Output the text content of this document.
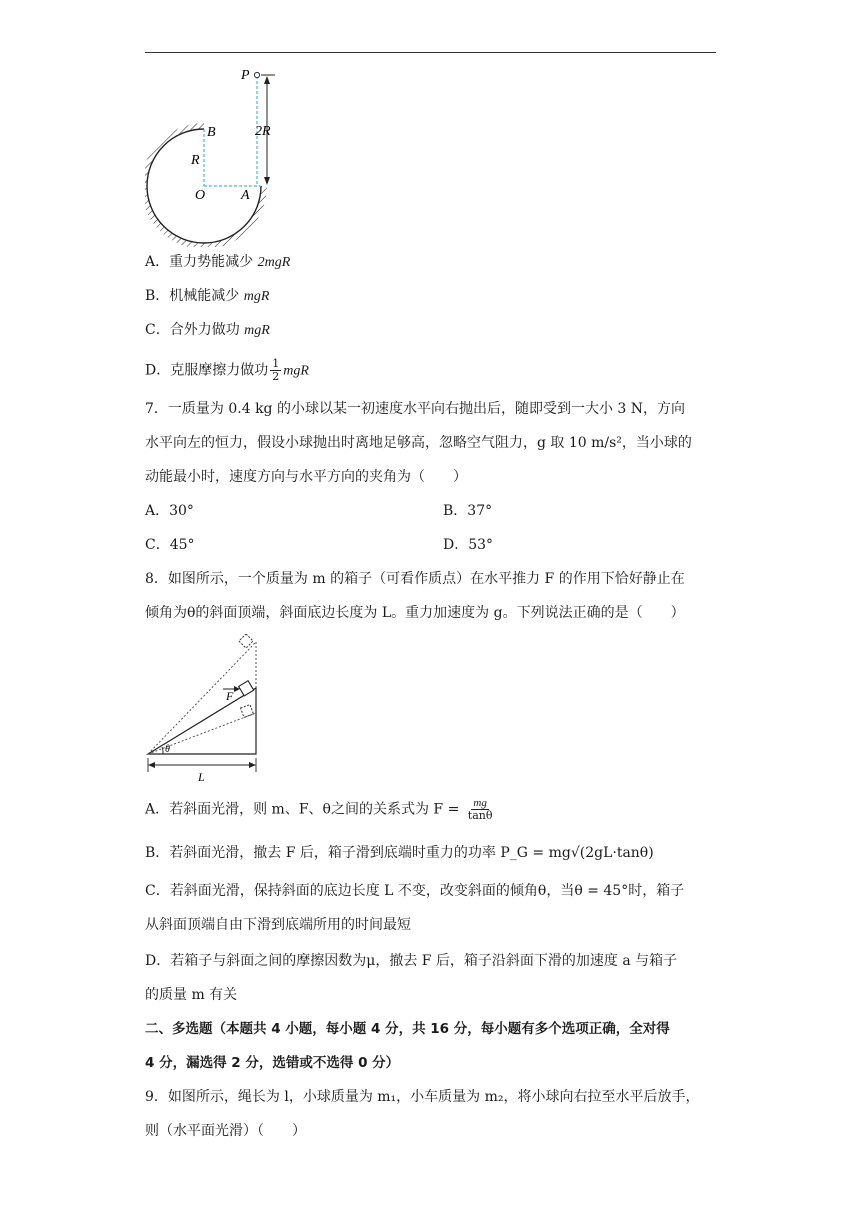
P
2R
B
R
O	A
A．重力势能减少 2mgR
B．机械能减少 mgR
C．合外力做功 mgR
D．克服摩擦力做功 $\frac{1}{2}$ mgR
7．一质量为 0.4 kg 的小球以某一初速度水平向右抛出后，随即受到一大小 3 N，方向
水平向左的恒力，假设小球抛出时离地足够高，忽略空气阻力，g 取 10 m/s²，当小球的
动能最小时，速度方向与水平方向的夹角为（　　）
A．30°	B．37°
C．45°	D．53°
8．如图所示，一个质量为 m 的箱子（可看作质点）在水平推力 F 的作用下恰好静止在
倾角为θ的斜面顶端，斜面底边长度为 L。重力加速度为 g。下列说法正确的是（　　）
F
θ
L
A．若斜面光滑，则 m、F、θ之间的关系式为 $F = \frac{mg}{\tan\theta}$
B．若斜面光滑，撤去 F 后，箱子滑到底端时重力的功率 P_G = mg√(2gL·tanθ)
C．若斜面光滑，保持斜面的底边长度 L 不变，改变斜面的倾角θ，当θ = 45°时，箱子
从斜面顶端自由下滑到底端所用的时间最短
D．若箱子与斜面之间的摩擦因数为μ，撤去 F 后，箱子沿斜面下滑的加速度 a 与箱子
的质量 m 有关
二、多选题（本题共 4 小题，每小题 4 分，共 16 分，每小题有多个选项正确，全对得
4 分，漏选得 2 分，选错或不选得 0 分）
9．如图所示，绳长为 l，小球质量为 m₁，小车质量为 m₂，将小球向右拉至水平后放手，
则（水平面光滑）（　　）
